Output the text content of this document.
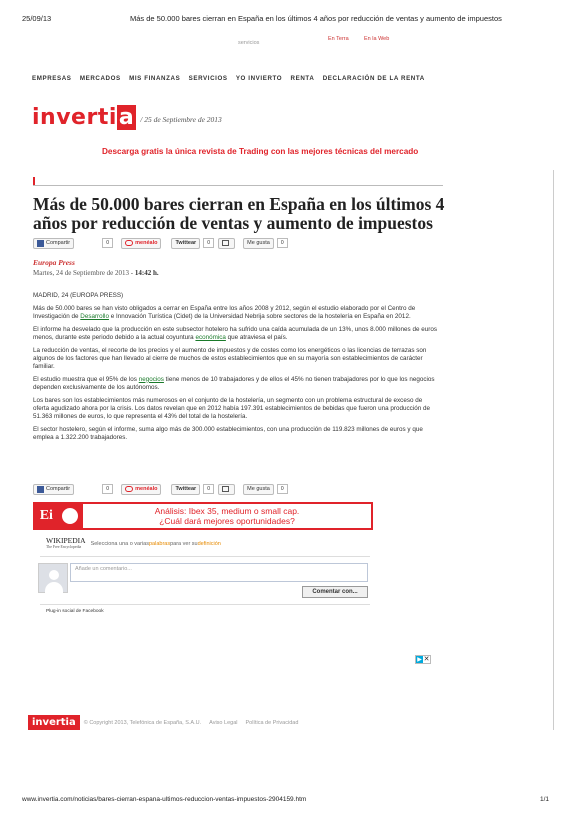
25/09/13	Más de 50.000 bares cierran en España en los últimos 4 años por reducción de ventas y aumento de impuestos
En Terra	En la Web
servicios
EMPRESAS MERCADOS MIS FINANZAS SERVICIOS YO INVIERTO RENTA DECLARACIÓN DE LA RENTA
invertia / 25 de Septiembre de 2013
Descarga gratis la única revista de Trading con las mejores técnicas del mercado
Más de 50.000 bares cierran en España en los últimos 4 años por reducción de ventas y aumento de impuestos
Compartir	0	menéalo	Twittear	0	Me gusta	0
Europa Press
Martes, 24 de Septiembre de 2013 - 14:42 h.

MADRID, 24 (EUROPA PRESS)

Más de 50.000 bares se han visto obligados a cerrar en España entre los años 2008 y 2012, según el estudio elaborado por el Centro de Investigación de Desarrollo e Innovación Turística (Cidet) de la Universidad Nebrija sobre sectores de la hostelería en España en 2012.

El informe ha desvelado que la producción en este subsector hotelero ha sufrido una caída acumulada de un 13%, unos 8.000 millones de euros menos, durante este periodo debido a la actual coyuntura económica que atraviesa el país.

La reducción de ventas, el recorte de los precios y el aumento de impuestos y de costes como los energéticos o las licencias de terrazas son algunos de los factores que han llevado al cierre de muchos de estos establecimientos que en su mayoría son establecimientos de carácter familiar.

El estudio muestra que el 95% de los negocios tiene menos de 10 trabajadores y de ellos el 45% no tienen trabajadores por lo que los negocios dependen exclusivamente de los autónomos.

Los bares son los establecimientos más numerosos en el conjunto de la hostelería, un segmento con un problema estructural de exceso de oferta agudizado ahora por la crisis. Los datos revelan que en 2012 había 197.391 establecimientos de bebidas que fueron una producción de 51.363 millones de euros, lo que representa el 43% del total de la hostelería.

El sector hostelero, según el informe, suma algo más de 300.000 establecimientos, con una producción de 119.823 millones de euros y que emplea a 1.322.200 trabajadores.

Compartir	0	menéalo	Twittear	0	Me gusta	0
Ei	Análisis: Ibex 35, medium o small cap.
¿Cuál dará mejores oportunidades?
WIKIPEDIA
The Free Encyclopedia	Selecciona una o varias palabras para ver su definición
Añade un comentario...
Comentar con...
Plug-in social de Facebook
▶ ✕
invertia	© Copyright 2013, Telefónica de España, S.A.U. Aviso Legal Política de Privacidad
www.invertia.com/noticias/bares-cierran-espana-ultimos-reduccion-ventas-impuestos-2904159.htm	1/1
